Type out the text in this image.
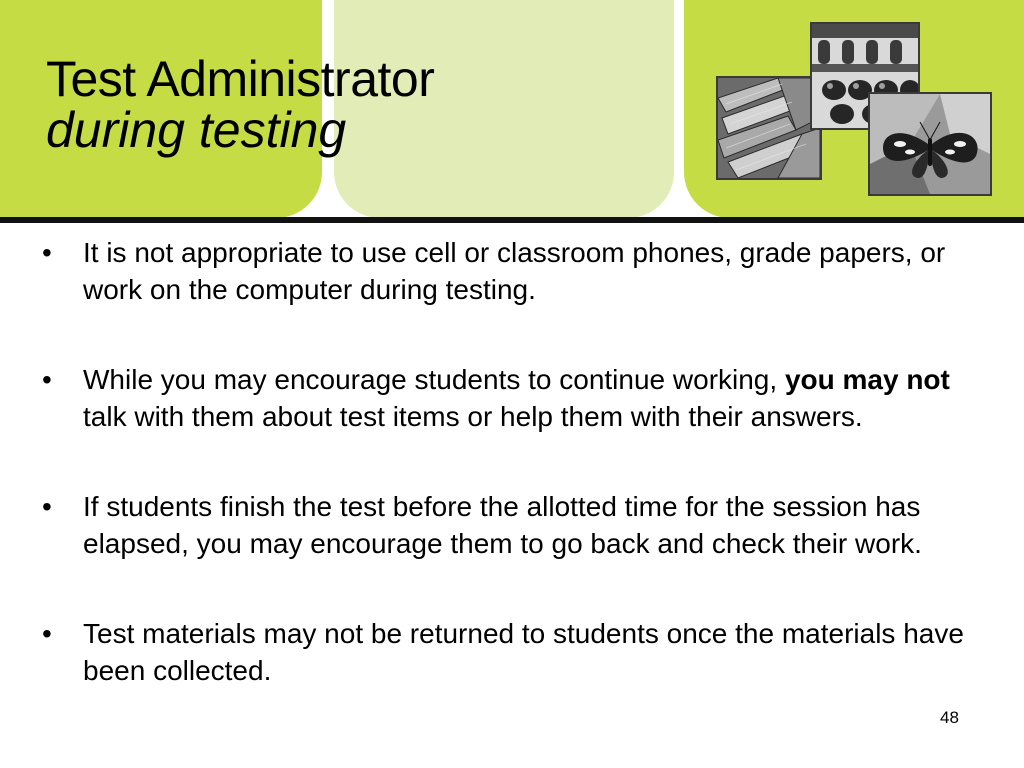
Test Administrator
during testing
• It is not appropriate to use cell or classroom phones, grade papers, or work on the computer during testing.
• While you may encourage students to continue working, you may not talk with them about test items or help them with their answers.
• If students finish the test before the allotted time for the session has elapsed, you may encourage them to go back and check their work.
• Test materials may not be returned to students once the materials have been collected.
48
